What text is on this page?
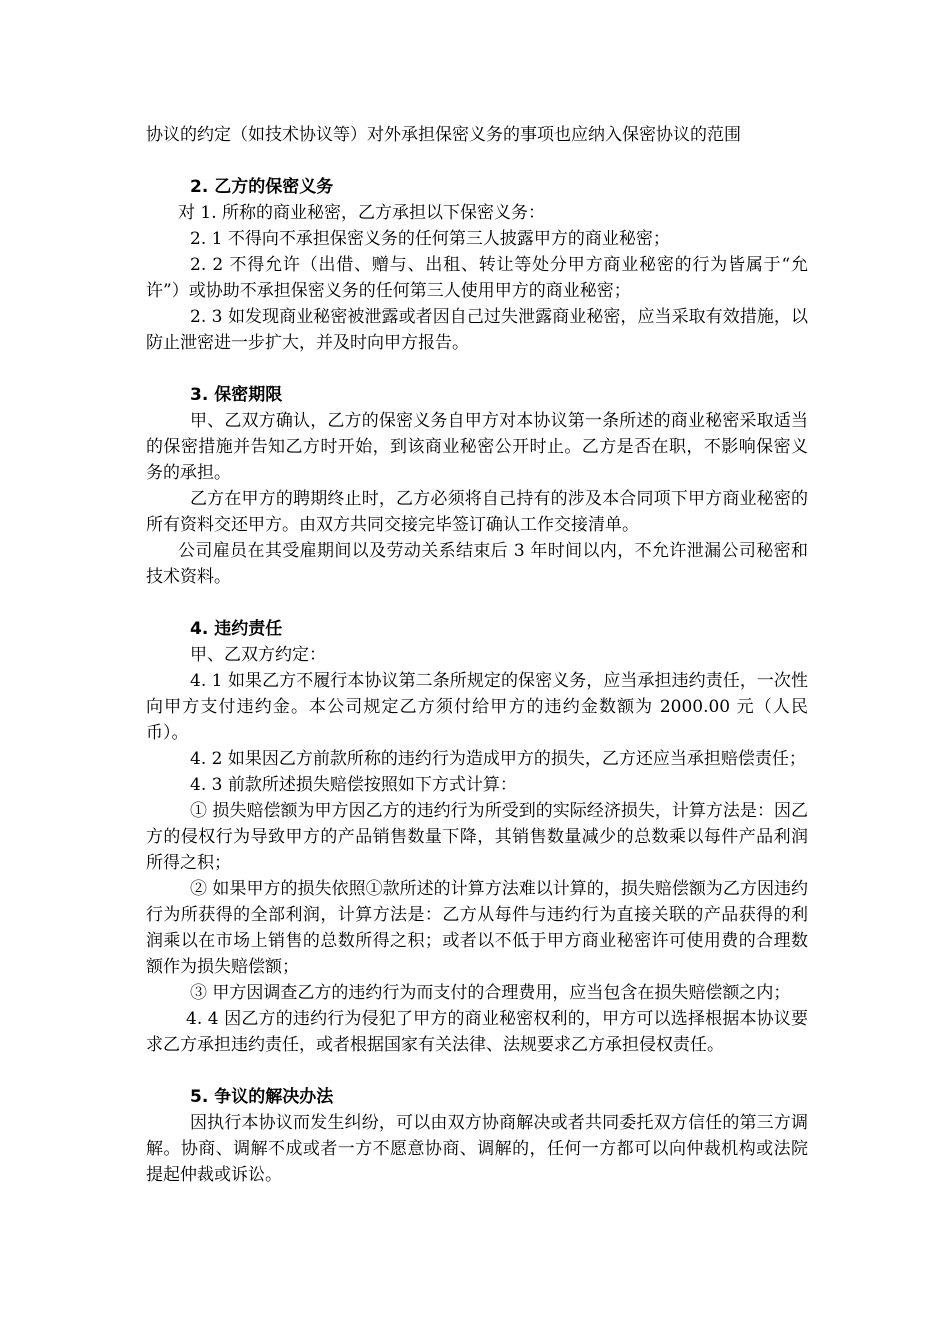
协议的约定（如技术协议等）对外承担保密义务的事项也应纳入保密协议的范围

2. 乙方的保密义务

对 1. 所称的商业秘密，乙方承担以下保密义务：

2. 1 不得向不承担保密义务的任何第三人披露甲方的商业秘密；

2. 2 不得允许（出借、赠与、出租、转让等处分甲方商业秘密的行为皆属于“允许”）或协助不承担保密义务的任何第三人使用甲方的商业秘密；

2. 3 如发现商业秘密被泄露或者因自己过失泄露商业秘密，应当采取有效措施，以防止泄密进一步扩大，并及时向甲方报告。

3. 保密期限

甲、乙双方确认，乙方的保密义务自甲方对本协议第一条所述的商业秘密采取适当的保密措施并告知乙方时开始，到该商业秘密公开时止。乙方是否在职，不影响保密义务的承担。

乙方在甲方的聘期终止时，乙方必须将自己持有的涉及本合同项下甲方商业秘密的所有资料交还甲方。由双方共同交接完毕签订确认工作交接清单。

公司雇员在其受雇期间以及劳动关系结束后 3 年时间以内，不允许泄漏公司秘密和技术资料。

4. 违约责任

甲、乙双方约定：

4. 1 如果乙方不履行本协议第二条所规定的保密义务，应当承担违约责任，一次性向甲方支付违约金。本公司规定乙方须付给甲方的违约金数额为 2000.00 元（人民币）。

4. 2 如果因乙方前款所称的违约行为造成甲方的损失，乙方还应当承担赔偿责任；

4. 3 前款所述损失赔偿按照如下方式计算：

① 损失赔偿额为甲方因乙方的违约行为所受到的实际经济损失，计算方法是：因乙方的侵权行为导致甲方的产品销售数量下降，其销售数量减少的总数乘以每件产品利润所得之积；

② 如果甲方的损失依照①款所述的计算方法难以计算的，损失赔偿额为乙方因违约行为所获得的全部利润，计算方法是：乙方从每件与违约行为直接关联的产品获得的利润乘以在市场上销售的总数所得之积；或者以不低于甲方商业秘密许可使用费的合理数额作为损失赔偿额；

③ 甲方因调查乙方的违约行为而支付的合理费用，应当包含在损失赔偿额之内；

4. 4 因乙方的违约行为侵犯了甲方的商业秘密权利的，甲方可以选择根据本协议要求乙方承担违约责任，或者根据国家有关法律、法规要求乙方承担侵权责任。

5. 争议的解决办法

因执行本协议而发生纠纷，可以由双方协商解决或者共同委托双方信任的第三方调解。协商、调解不成或者一方不愿意协商、调解的，任何一方都可以向仲裁机构或法院提起仲裁或诉讼。
